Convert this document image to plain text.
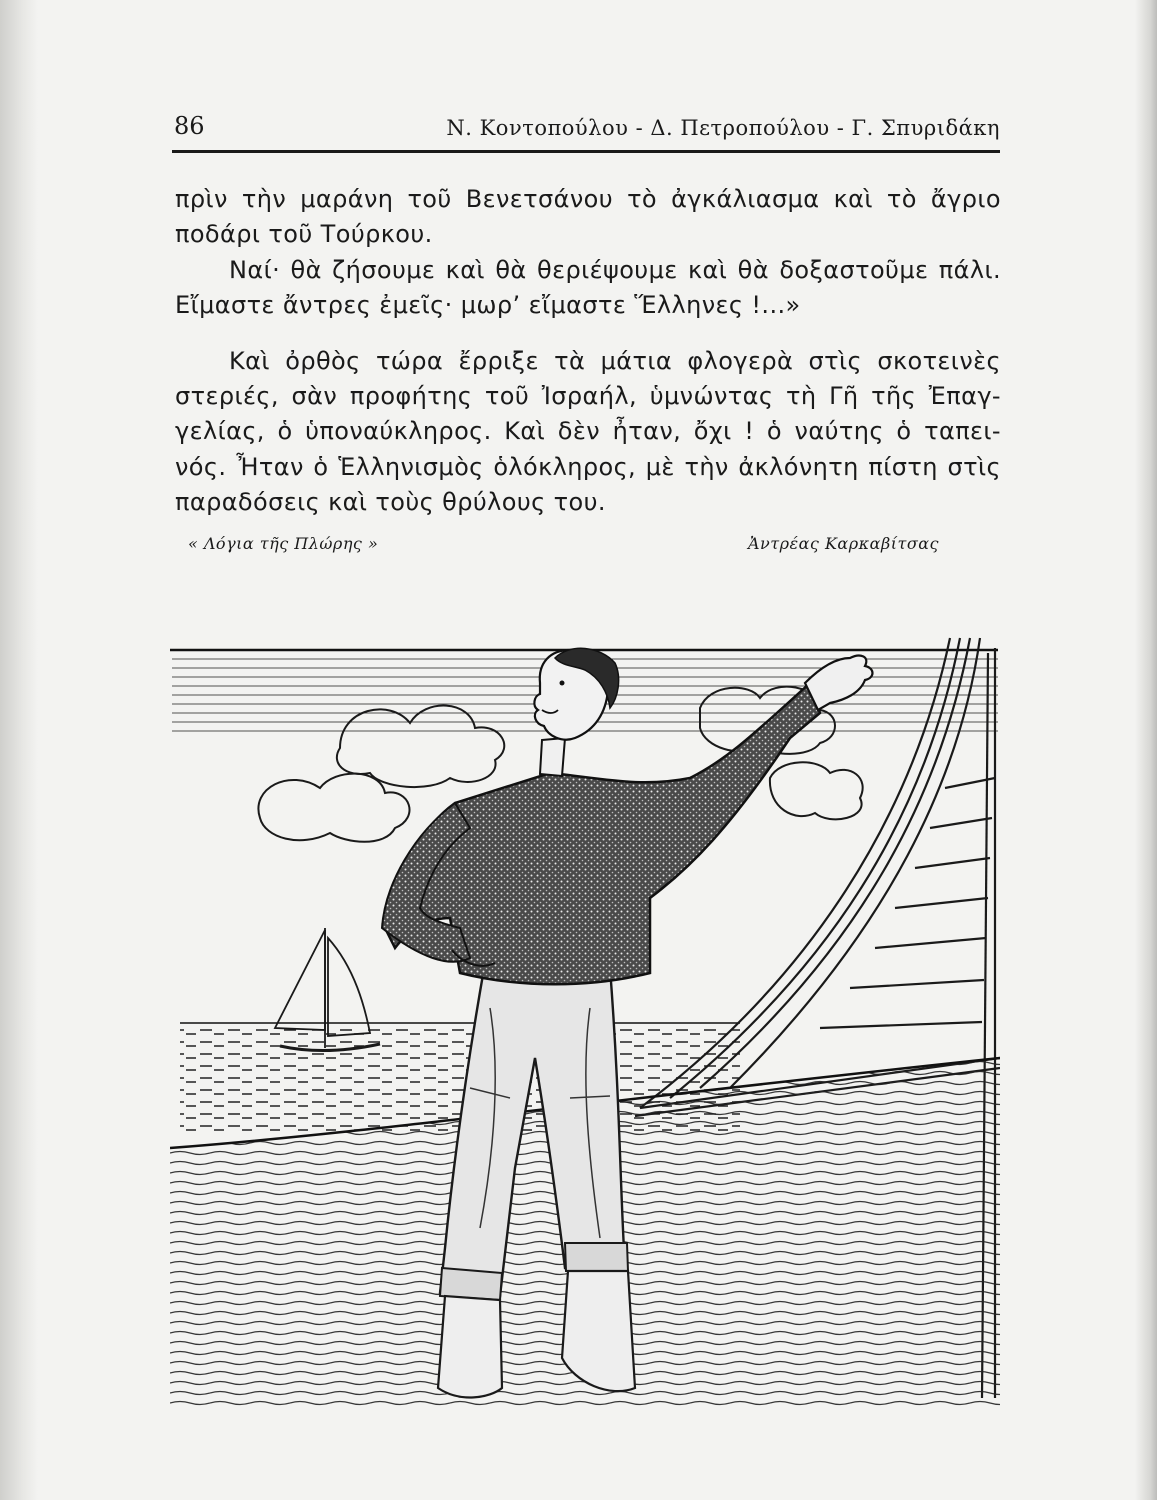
86	Ν. Κοντοπούλου - Δ. Πετροπούλου - Γ. Σπυριδάκη
πρὶν τὴν μαράνη τοῦ Βενετσάνου τὸ ἀγκάλιασμα καὶ τὸ ἄγριο
ποδάρι τοῦ Τούρκου.
Ναί· θὰ ζήσουμε καὶ θὰ θεριέψουμε καὶ θὰ δοξαστοῦμε πάλι.
Εἴμαστε ἄντρες ἐμεῖς· μωρ’ εἴμαστε Ἕλληνες !...»
Καὶ ὀρθὸς τώρα ἔρριξε τὰ μάτια φλογερὰ στὶς σκοτεινὲς
στεριές, σὰν προφήτης τοῦ Ἰσραήλ, ὑμνώντας τὴ Γῆ τῆς Ἐπαγ-
γελίας, ὁ ὑποναύκληρος. Καὶ δὲν ἦταν, ὄχι ! ὁ ναύτης ὁ ταπει-
νός. Ἦταν ὁ Ἑλληνισμὸς ὁλόκληρος, μὲ τὴν ἀκλόνητη πίστη στὶς
παραδόσεις καὶ τοὺς θρύλους του.
« Λόγια τῆς Πλώρης »	Ἀντρέας Καρκαβίτσας
